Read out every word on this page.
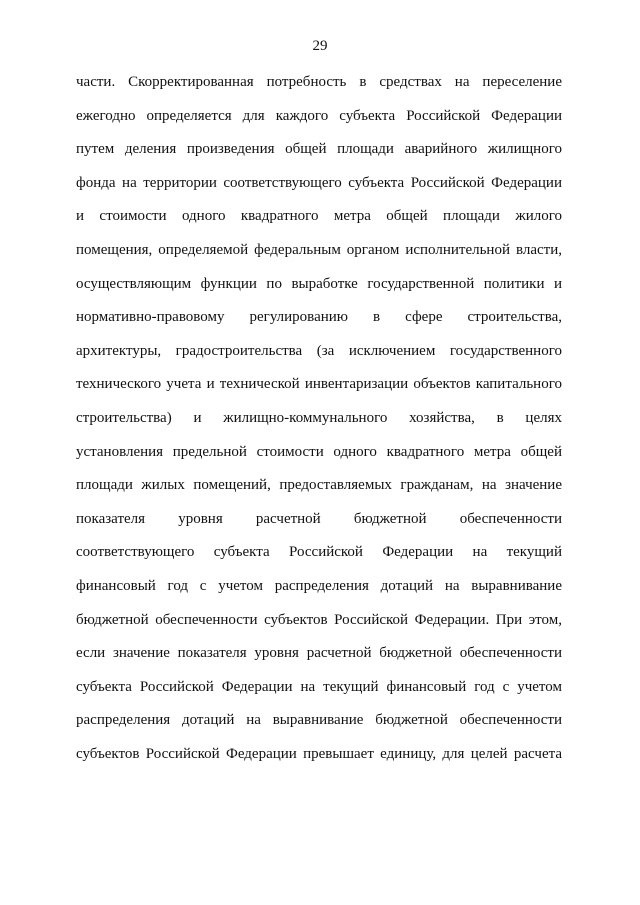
29
части. Скорректированная потребность в средствах на переселение
ежегодно определяется для каждого субъекта Российской Федерации
путем деления произведения общей площади аварийного жилищного
фонда на территории соответствующего субъекта Российской Федерации
и стоимости одного квадратного метра общей площади жилого
помещения, определяемой федеральным органом исполнительной власти,
осуществляющим функции по выработке государственной политики и
нормативно-правовому регулированию в сфере строительства,
архитектуры, градостроительства (за исключением государственного
технического учета и технической инвентаризации объектов капитального
строительства) и жилищно-коммунального хозяйства, в целях
установления предельной стоимости одного квадратного метра общей
площади жилых помещений, предоставляемых гражданам, на значение
показателя уровня расчетной бюджетной обеспеченности
соответствующего субъекта Российской Федерации на текущий
финансовый год с учетом распределения дотаций на выравнивание
бюджетной обеспеченности субъектов Российской Федерации. При этом,
если значение показателя уровня расчетной бюджетной обеспеченности
субъекта Российской Федерации на текущий финансовый год с учетом
распределения дотаций на выравнивание бюджетной обеспеченности
субъектов Российской Федерации превышает единицу, для целей расчета
